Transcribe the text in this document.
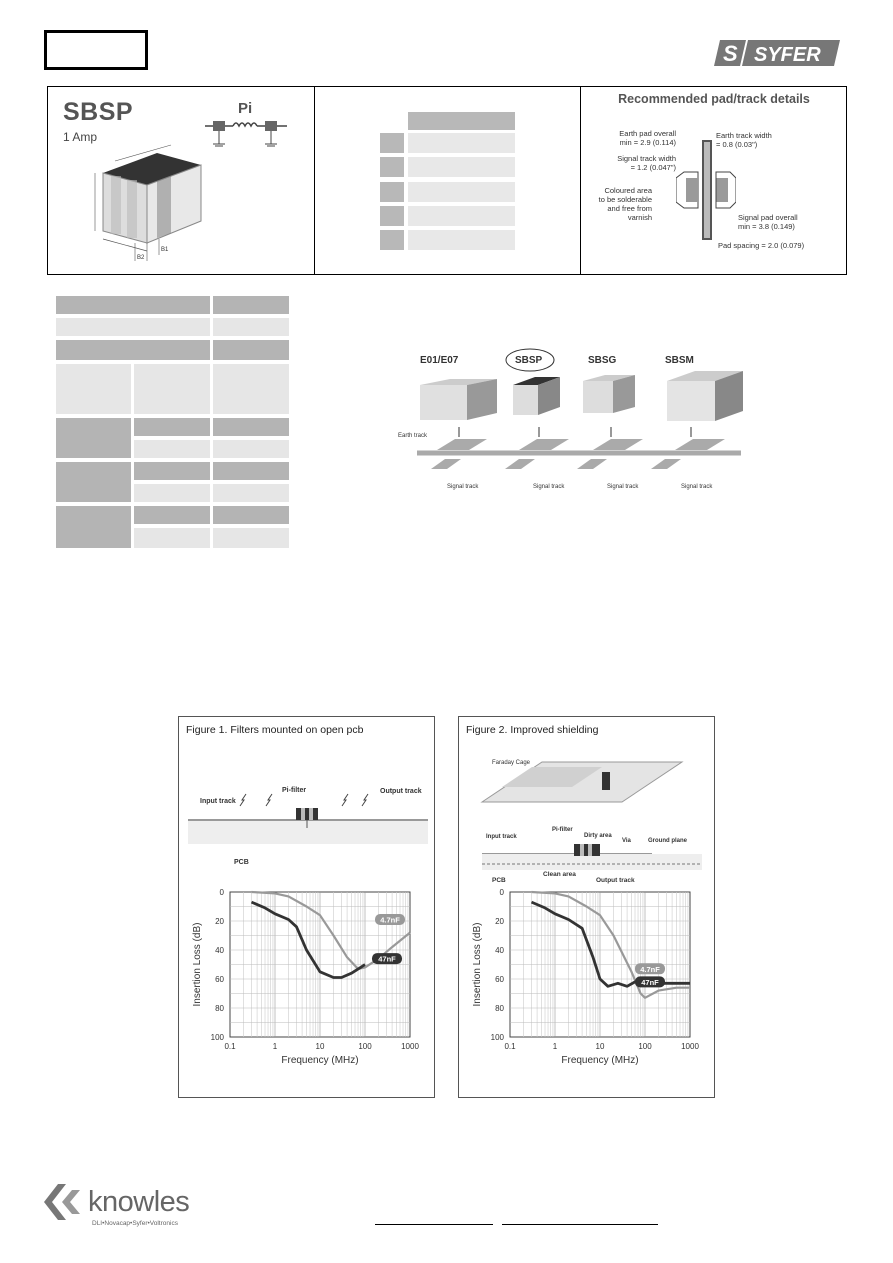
S SYFER
SBSP
1 Amp
Pi
B2
B1
Recommended pad/track details
Earth pad overall
min = 2.9 (0.114)
Earth track width
= 0.8 (0.03")
Signal track width
= 1.2 (0.047")
Coloured area
to be solderable
and free from
varnish	Signal pad overall
min = 3.8 (0.149)
Pad spacing = 2.0 (0.079)
E01/E07	SBSP	SBSG	SBSM
Earth track
Signal track	Signal track	Signal track	Signal track
Figure 1. Filters mounted on open pcb
Input track
Pi-filter	Output track
PCB
0
20
40
60
80
100
0.1	1	10	100	1000
Frequency (MHz)
Insertion Loss (dB)
4.7nF
47nF
Figure 2. Improved shielding
Faraday Cage
Input track
Pi-filter
Dirty area
Via	Ground plane
PCB
Clean area
Output track
0
20
40
60
80
100
0.1	1	10	100	1000
Frequency (MHz)
Insertion Loss (dB)	4.7nF
47nF
knowles
DLI•Novacap•Syfer•Voltronics
